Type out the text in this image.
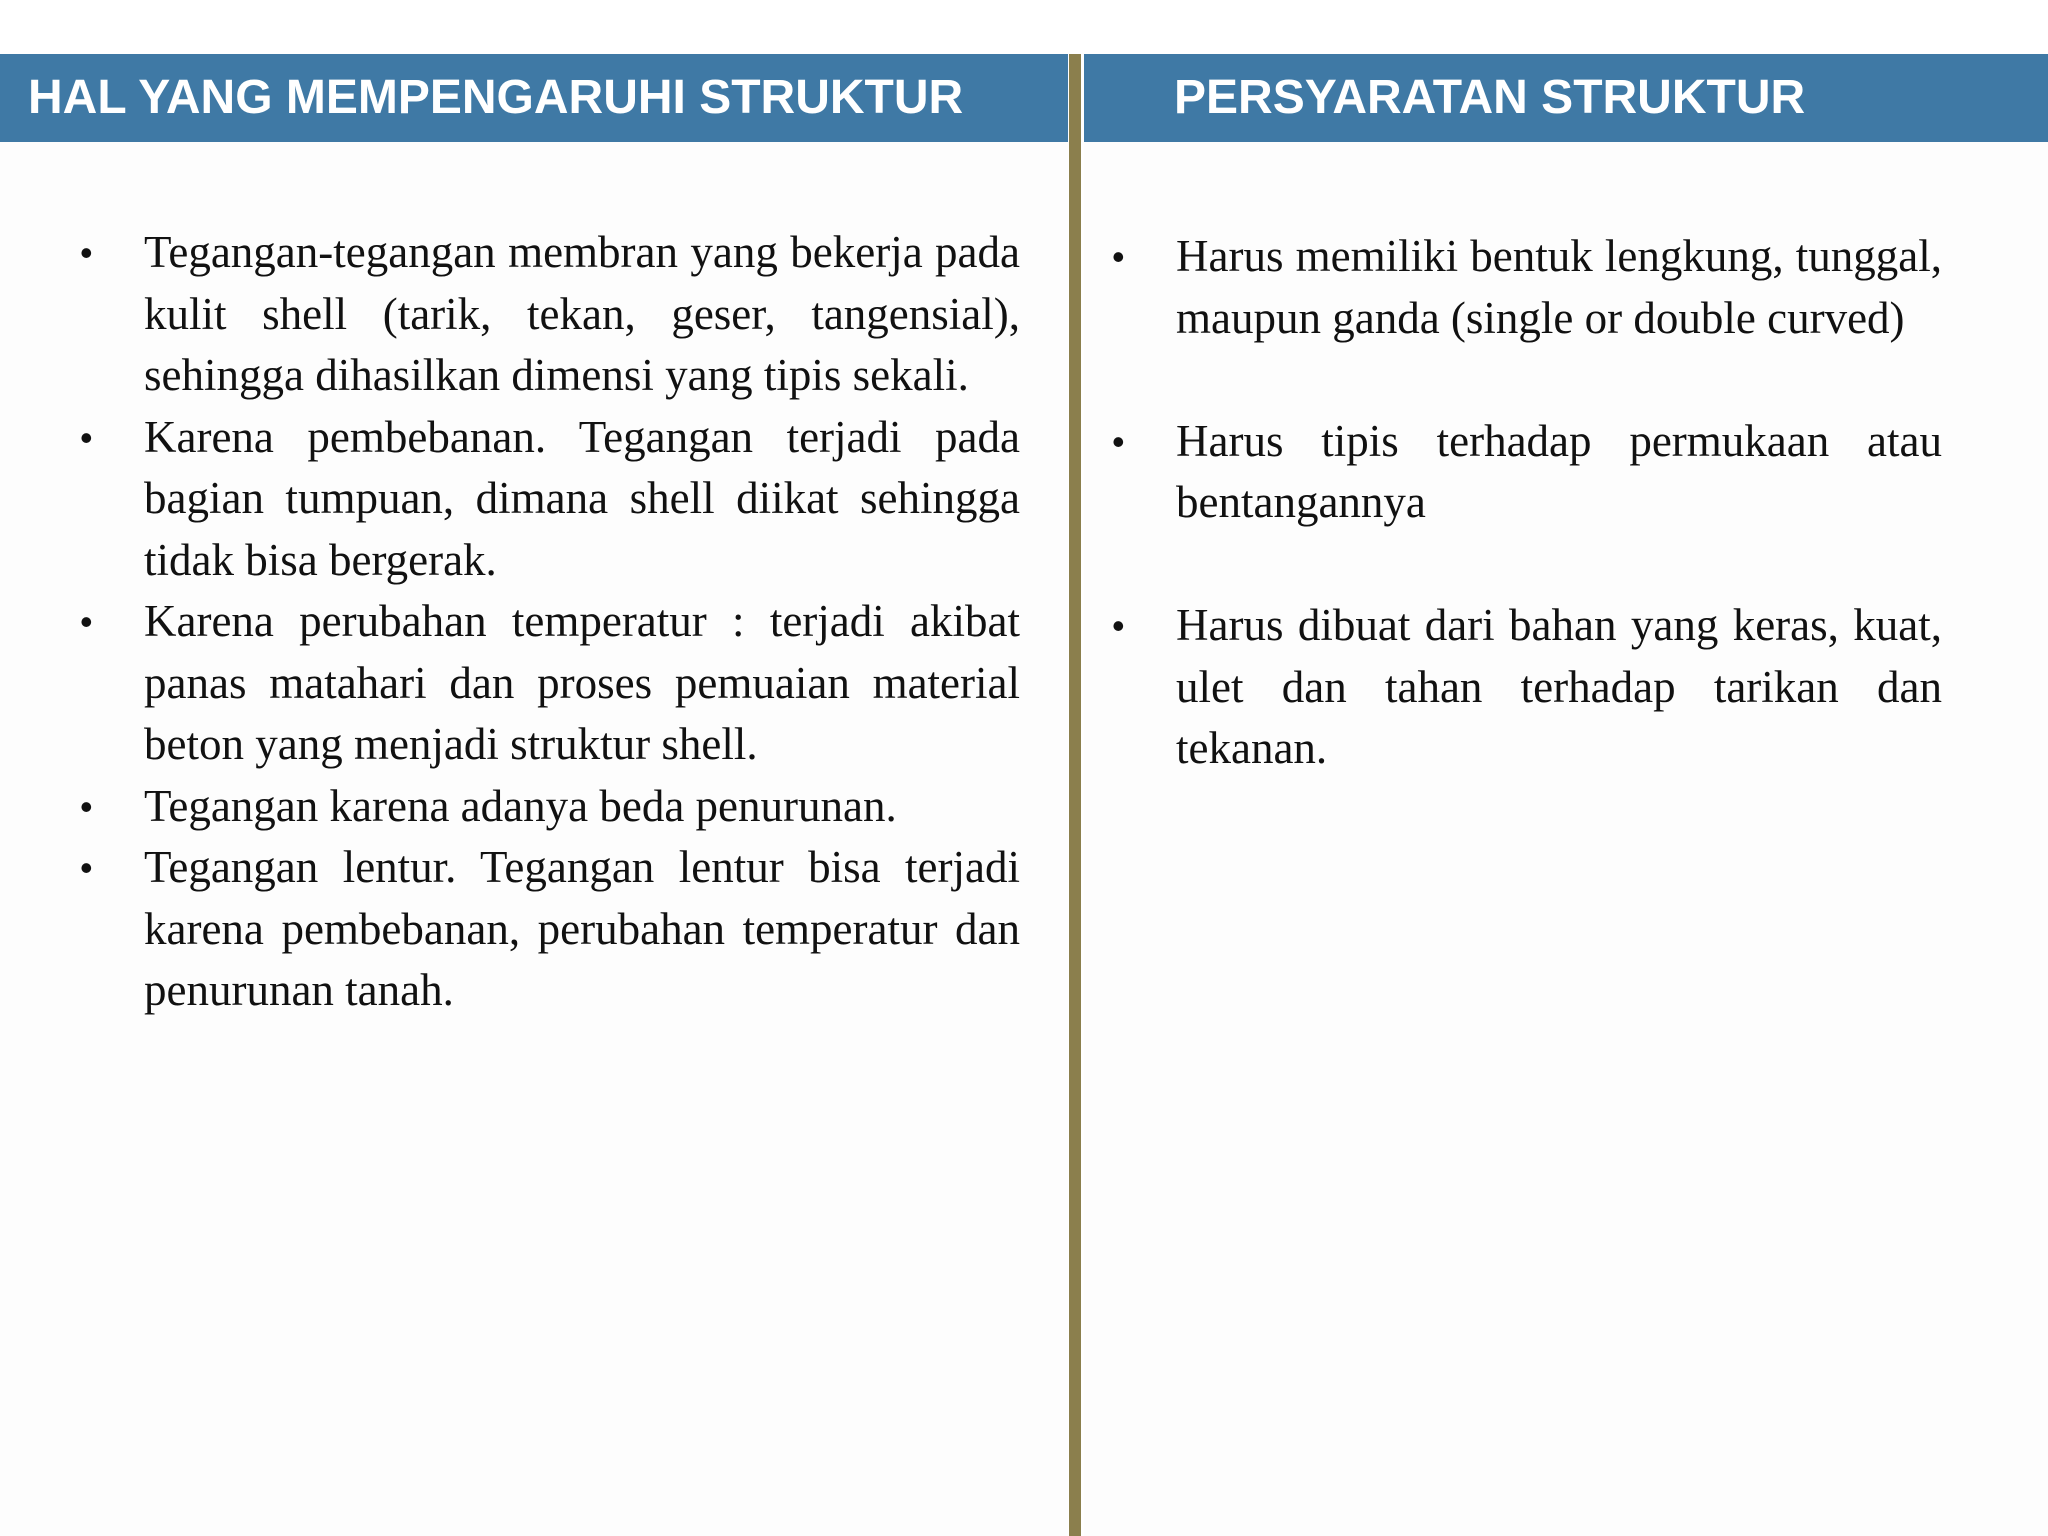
HAL YANG MEMPENGARUHI STRUKTUR	PERSYARATAN STRUKTUR
• Tegangan-tegangan membran yang bekerja pada kulit shell (tarik, tekan, geser, tangensial), sehingga dihasilkan dimensi yang tipis sekali.
• Karena pembebanan. Tegangan terjadi pada bagian tumpuan, dimana shell diikat sehingga tidak bisa bergerak.
• Karena perubahan temperatur : terjadi akibat panas matahari dan proses pemuaian material beton yang menjadi struktur shell.
• Tegangan karena adanya beda penurunan.
• Tegangan lentur. Tegangan lentur bisa terjadi karena pembebanan, perubahan temperatur dan penurunan tanah.
• Harus memiliki bentuk lengkung, tunggal, maupun ganda (single or double curved)
• Harus tipis terhadap permukaan atau bentangannya
• Harus dibuat dari bahan yang keras, kuat, ulet dan tahan terhadap tarikan dan tekanan.
